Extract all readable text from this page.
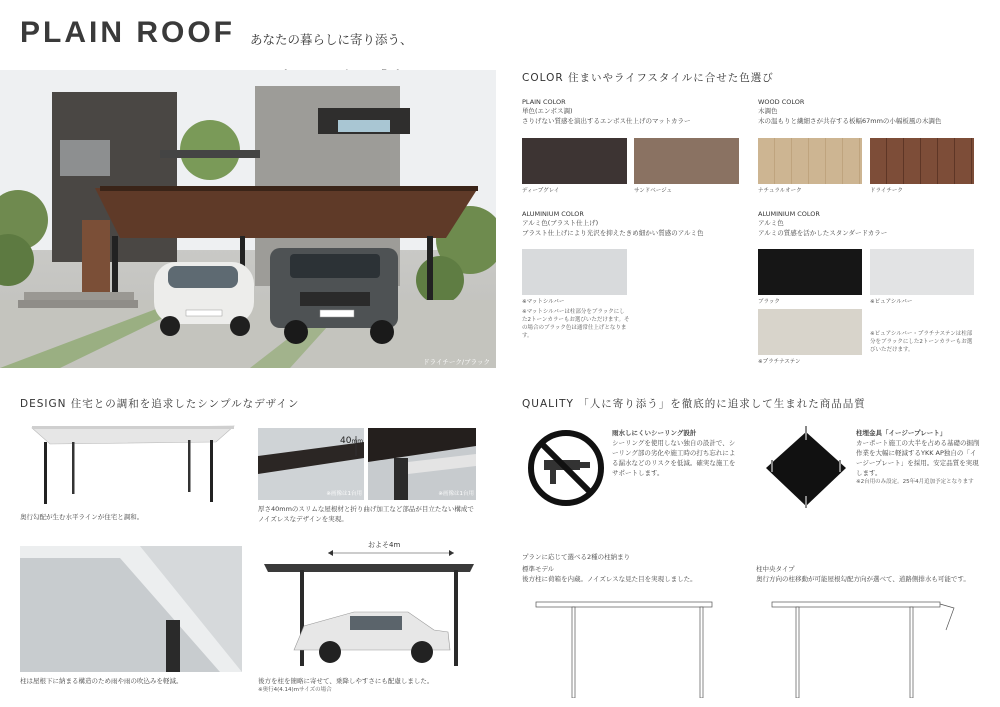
PLAIN ROOF あなたの暮らしに寄り添う、

ドライチーク/ブラック
COLOR 住まいやライフスタイルに合せた色選び
PLAIN COLOR
単色(エンボス調)
さりげない質感を演出するエンボス仕上げのマットカラー
ディープグレイ	サンドベージュ
WOOD COLOR
木調色
木の温もりと繊細さが共存する板幅67mmの小幅板風の木調色
ナチュラルオーク	ドライチーク
ALUMINIUM COLOR
アルミ色(ブラスト仕上げ)
ブラスト仕上げにより光沢を抑えたきめ細かい質感のアルミ色
※マットシルバー
※マットシルバーは柱部分をブラックにした2トーンカラーもお選びいただけます。その場合のブラック色は通常仕上げとなります。
ALUMINIUM COLOR
アルミ色
アルミの質感を活かしたスタンダードカラー
ブラック	※ピュアシルバー
※プラチナステン
※ピュアシルバー・プラチナステンは柱部分をブラックにした2トーンカラーもお選びいただけます。
DESIGN 住宅との調和を追求したシンプルなデザイン
奥行勾配が生む水平ラインが住宅と調和。
40mm
※画像は1台用	※画像は1台用
厚さ40mmのスリムな屋根材と折り曲げ加工など部品が目立たない構成でノイズレスなデザインを実現。
柱は屋根下に納まる構造のため雨や雨の吹込みを軽減。
およそ4m
後方を柱を簡略に寄せて、乗降しやすさにも配慮しました。
※奥行4(4.14)mサイズの場合
QUALITY 「人に寄り添う」を徹底的に追求して生まれた商品品質
雨水しにくいシーリング設計
シーリングを使用しない独自の設計で、シーリング部の劣化や施工時の打ち忘れによる漏水などのリスクを低減。確実な施工をサポートします。
柱埋金具「イージープレート」
カーポート施工の大半を占める基礎の掘削作業を大幅に軽減するYKK AP独自の「イージープレート」を採用。安定品質を実現します。
※2台用のみ設定。25年4月追加予定となります
プランに応じて選べる2種の柱納まり
標準モデル
後方柱に荷箱を内蔵。ノイズレスな見た目を実現しました。
柱中央タイプ
奥行方向の柱移動が可能屋根勾配方向が選べて、道路側排水も可能です。
